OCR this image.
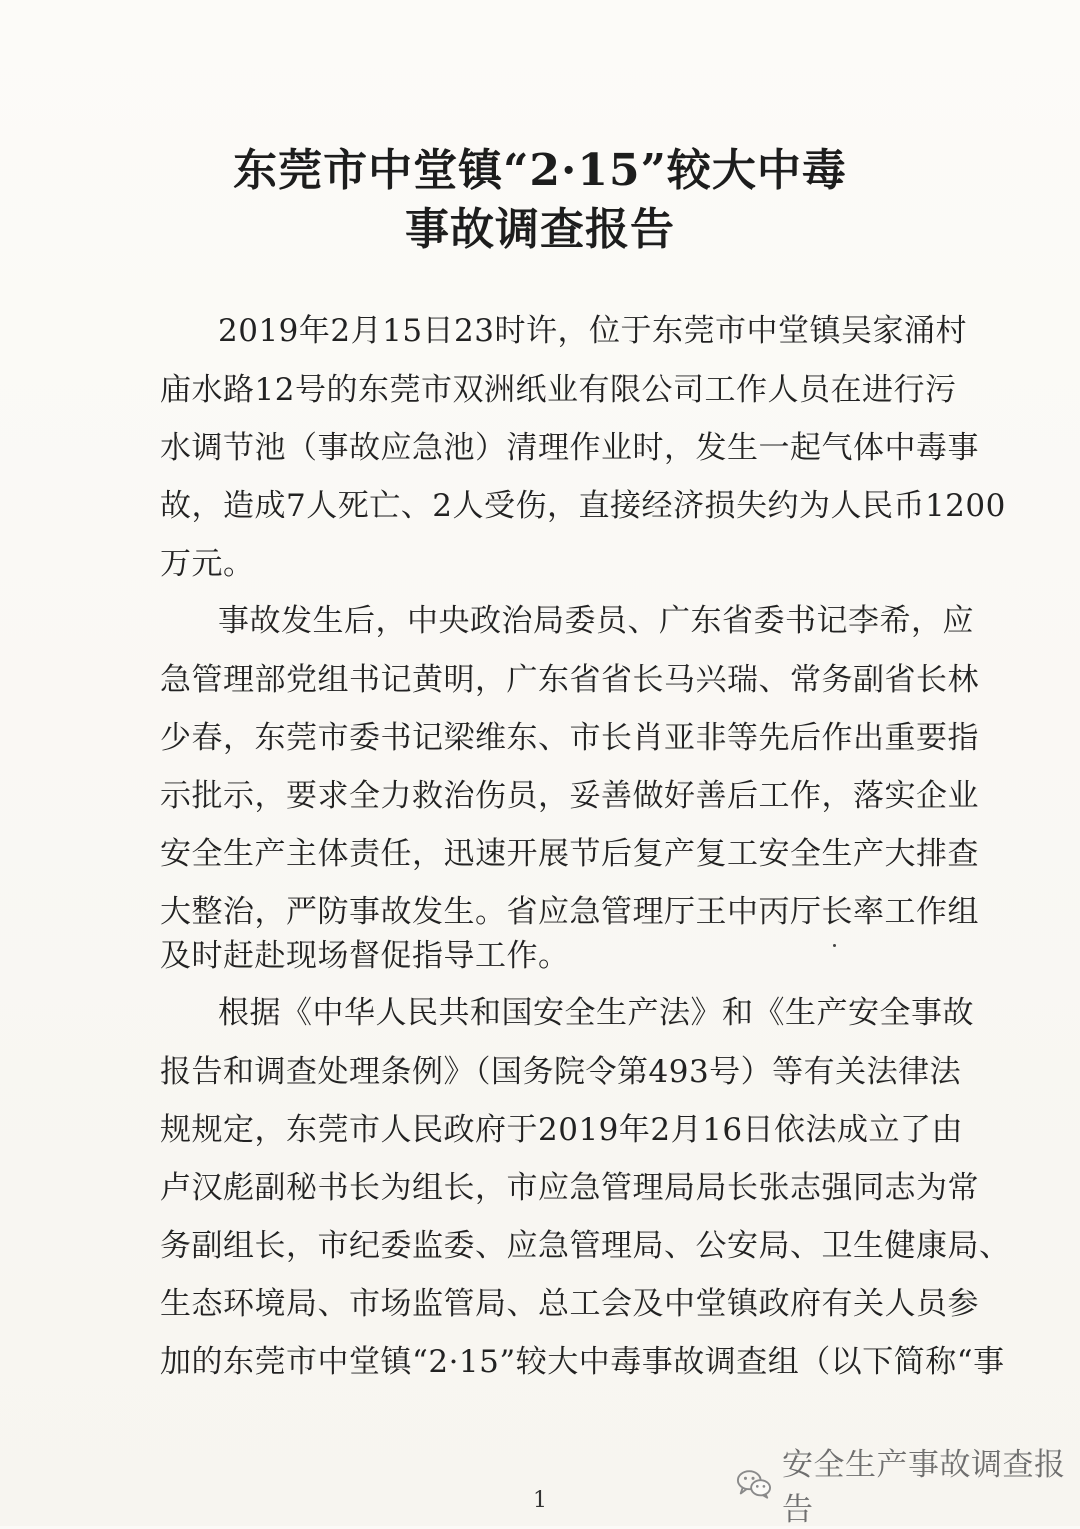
东莞市中堂镇“2·15”较大中毒
事故调查报告
2019年2月15日23时许，位于东莞市中堂镇吴家涌村
庙水路12号的东莞市双洲纸业有限公司工作人员在进行污
水调节池（事故应急池）清理作业时，发生一起气体中毒事
故，造成7人死亡、2人受伤，直接经济损失约为人民币1200
万元。
事故发生后，中央政治局委员、广东省委书记李希，应
急管理部党组书记黄明，广东省省长马兴瑞、常务副省长林
少春，东莞市委书记梁维东、市长肖亚非等先后作出重要指
示批示，要求全力救治伤员，妥善做好善后工作，落实企业
安全生产主体责任，迅速开展节后复产复工安全生产大排查
大整治，严防事故发生。省应急管理厅王中丙厅长率工作组
及时赶赴现场督促指导工作。
根据《中华人民共和国安全生产法》和《生产安全事故
报告和调查处理条例》（国务院令第493号）等有关法律法
规规定，东莞市人民政府于2019年2月16日依法成立了由
卢汉彪副秘书长为组长，市应急管理局局长张志强同志为常
务副组长，市纪委监委、应急管理局、公安局、卫生健康局、
生态环境局、市场监管局、总工会及中堂镇政府有关人员参
加的东莞市中堂镇“2·15”较大中毒事故调查组（以下简称“事
1
安全生产事故调查报告
